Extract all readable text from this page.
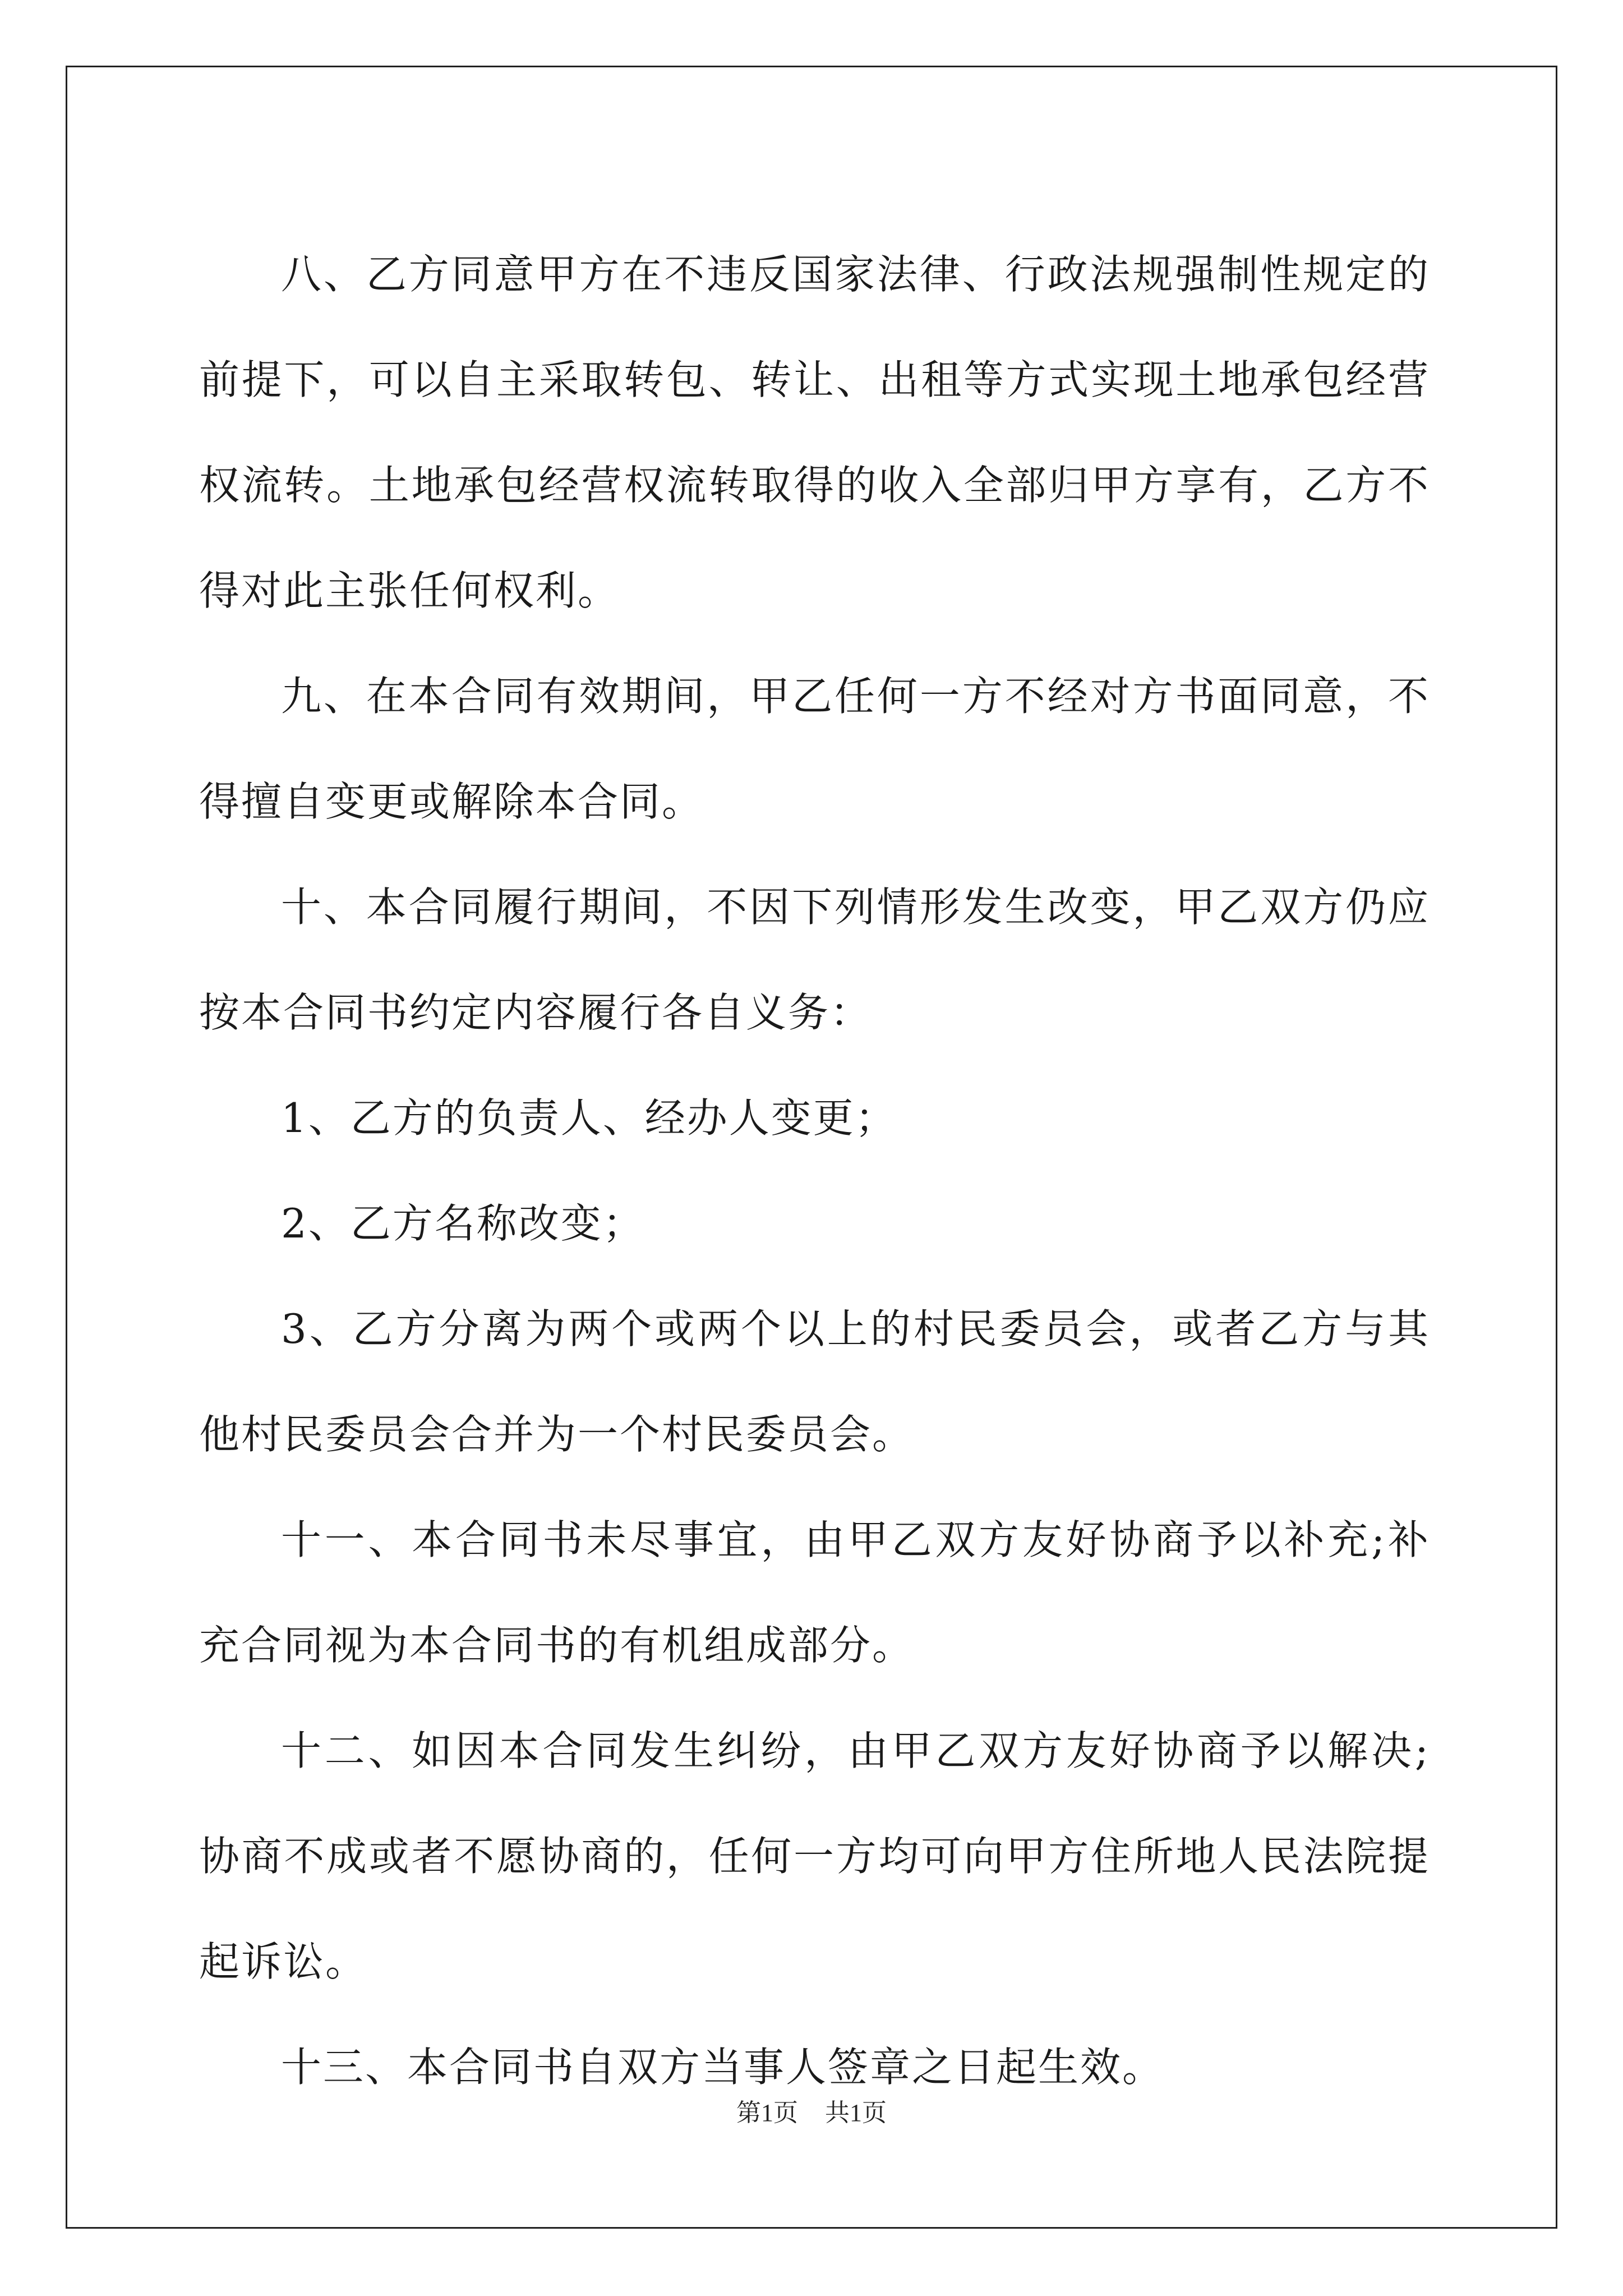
八、乙方同意甲方在不违反国家法律、行政法规强制性规定的前提下，可以自主采取转包、转让、出租等方式实现土地承包经营权流转。土地承包经营权流转取得的收入全部归甲方享有，乙方不得对此主张任何权利。

九、在本合同有效期间，甲乙任何一方不经对方书面同意，不得擅自变更或解除本合同。

十、本合同履行期间，不因下列情形发生改变，甲乙双方仍应按本合同书约定内容履行各自义务：

1、乙方的负责人、经办人变更；

2、乙方名称改变；

3、乙方分离为两个或两个以上的村民委员会，或者乙方与其他村民委员会合并为一个村民委员会。

十一、本合同书未尽事宜，由甲乙双方友好协商予以补充;补充合同视为本合同书的有机组成部分。

十二、如因本合同发生纠纷，由甲乙双方友好协商予以解决;协商不成或者不愿协商的，任何一方均可向甲方住所地人民法院提起诉讼。

十三、本合同书自双方当事人签章之日起生效。

第1页 共1页
